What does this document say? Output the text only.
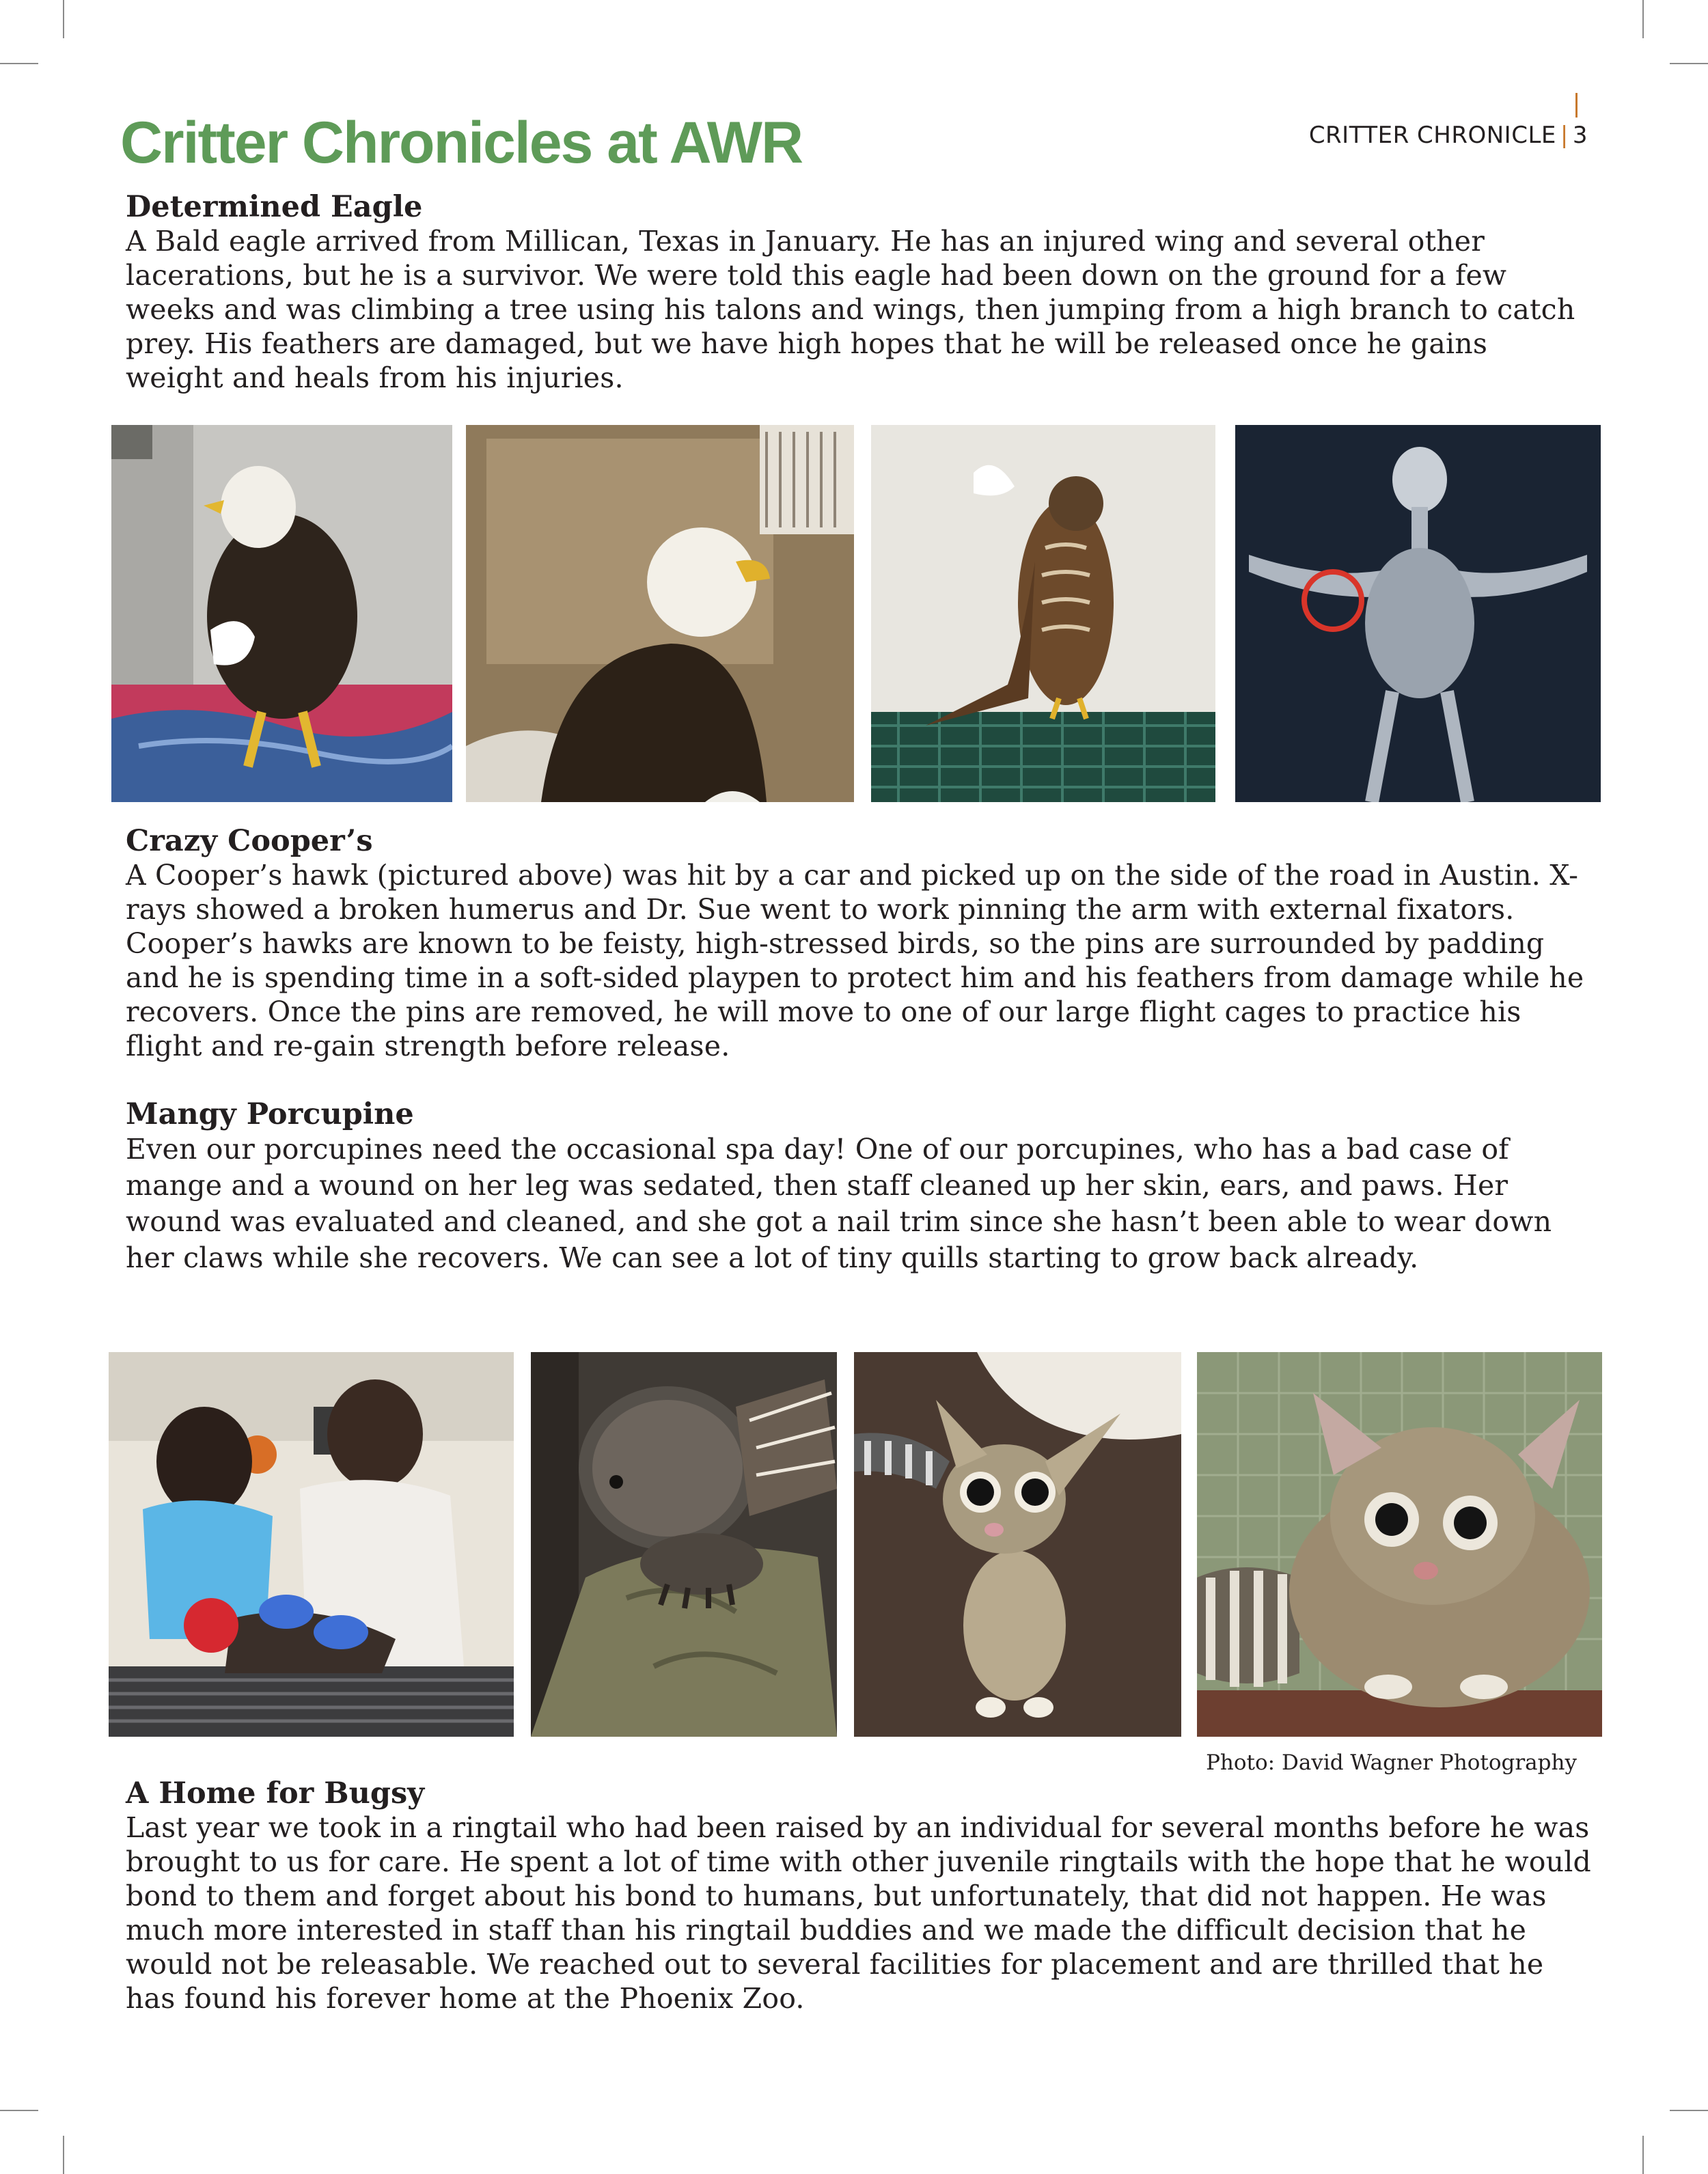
Critter Chronicles at AWR	CRITTER CHRONICLE | 3
Determined Eagle

A Bald eagle arrived from Millican, Texas in January. He has an injured wing and several other lacerations, but he is a survivor. We were told this eagle had been down on the ground for a few weeks and was climbing a tree using his talons and wings, then jumping from a high branch to catch prey. His feathers are damaged, but we have high hopes that he will be released once he gains weight and heals from his injuries.

Crazy Cooper’s

A Cooper’s hawk (pictured above) was hit by a car and picked up on the side of the road in Austin. X-rays showed a broken humerus and Dr. Sue went to work pinning the arm with external fixators. Cooper’s hawks are known to be feisty, high-stressed birds, so the pins are surrounded by padding and he is spending time in a soft-sided playpen to protect him and his feathers from damage while he recovers. Once the pins are removed, he will move to one of our large flight cages to practice his flight and re-gain strength before release.

Mangy Porcupine

Even our porcupines need the occasional spa day! One of our porcupines, who has a bad case of mange and a wound on her leg was sedated, then staff cleaned up her skin, ears, and paws. Her wound was evaluated and cleaned, and she got a nail trim since she hasn’t been able to wear down her claws while she recovers. We can see a lot of tiny quills starting to grow back already.

Photo: David Wagner Photography
A Home for Bugsy

Last year we took in a ringtail who had been raised by an individual for several months before he was brought to us for care. He spent a lot of time with other juvenile ringtails with the hope that he would bond to them and forget about his bond to humans, but unfortunately, that did not happen. He was much more interested in staff than his ringtail buddies and we made the difficult decision that he would not be releasable. We reached out to several facilities for placement and are thrilled that he has found his forever home at the Phoenix Zoo.
